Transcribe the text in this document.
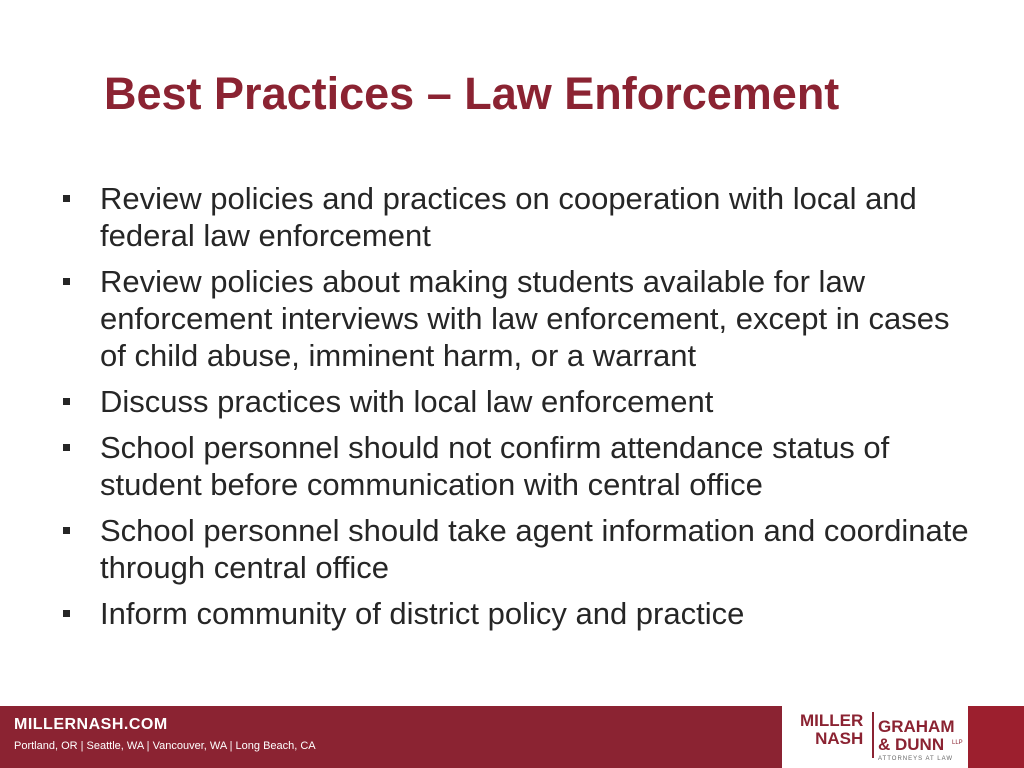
Best Practices – Law Enforcement
Review policies and practices on cooperation with local and federal law enforcement
Review policies about making students available for law enforcement interviews with law enforcement, except in cases of child abuse, imminent harm, or a warrant
Discuss practices with local law enforcement
School personnel should not confirm attendance status of student before communication with central office
School personnel should take agent information and coordinate through central office
Inform community of district policy and practice
MILLERNASH.COM
Portland, OR | Seattle, WA | Vancouver, WA | Long Beach, CA
MILLER
NASH
GRAHAM
& DUNN	LLP
ATTORNEYS AT LAW
